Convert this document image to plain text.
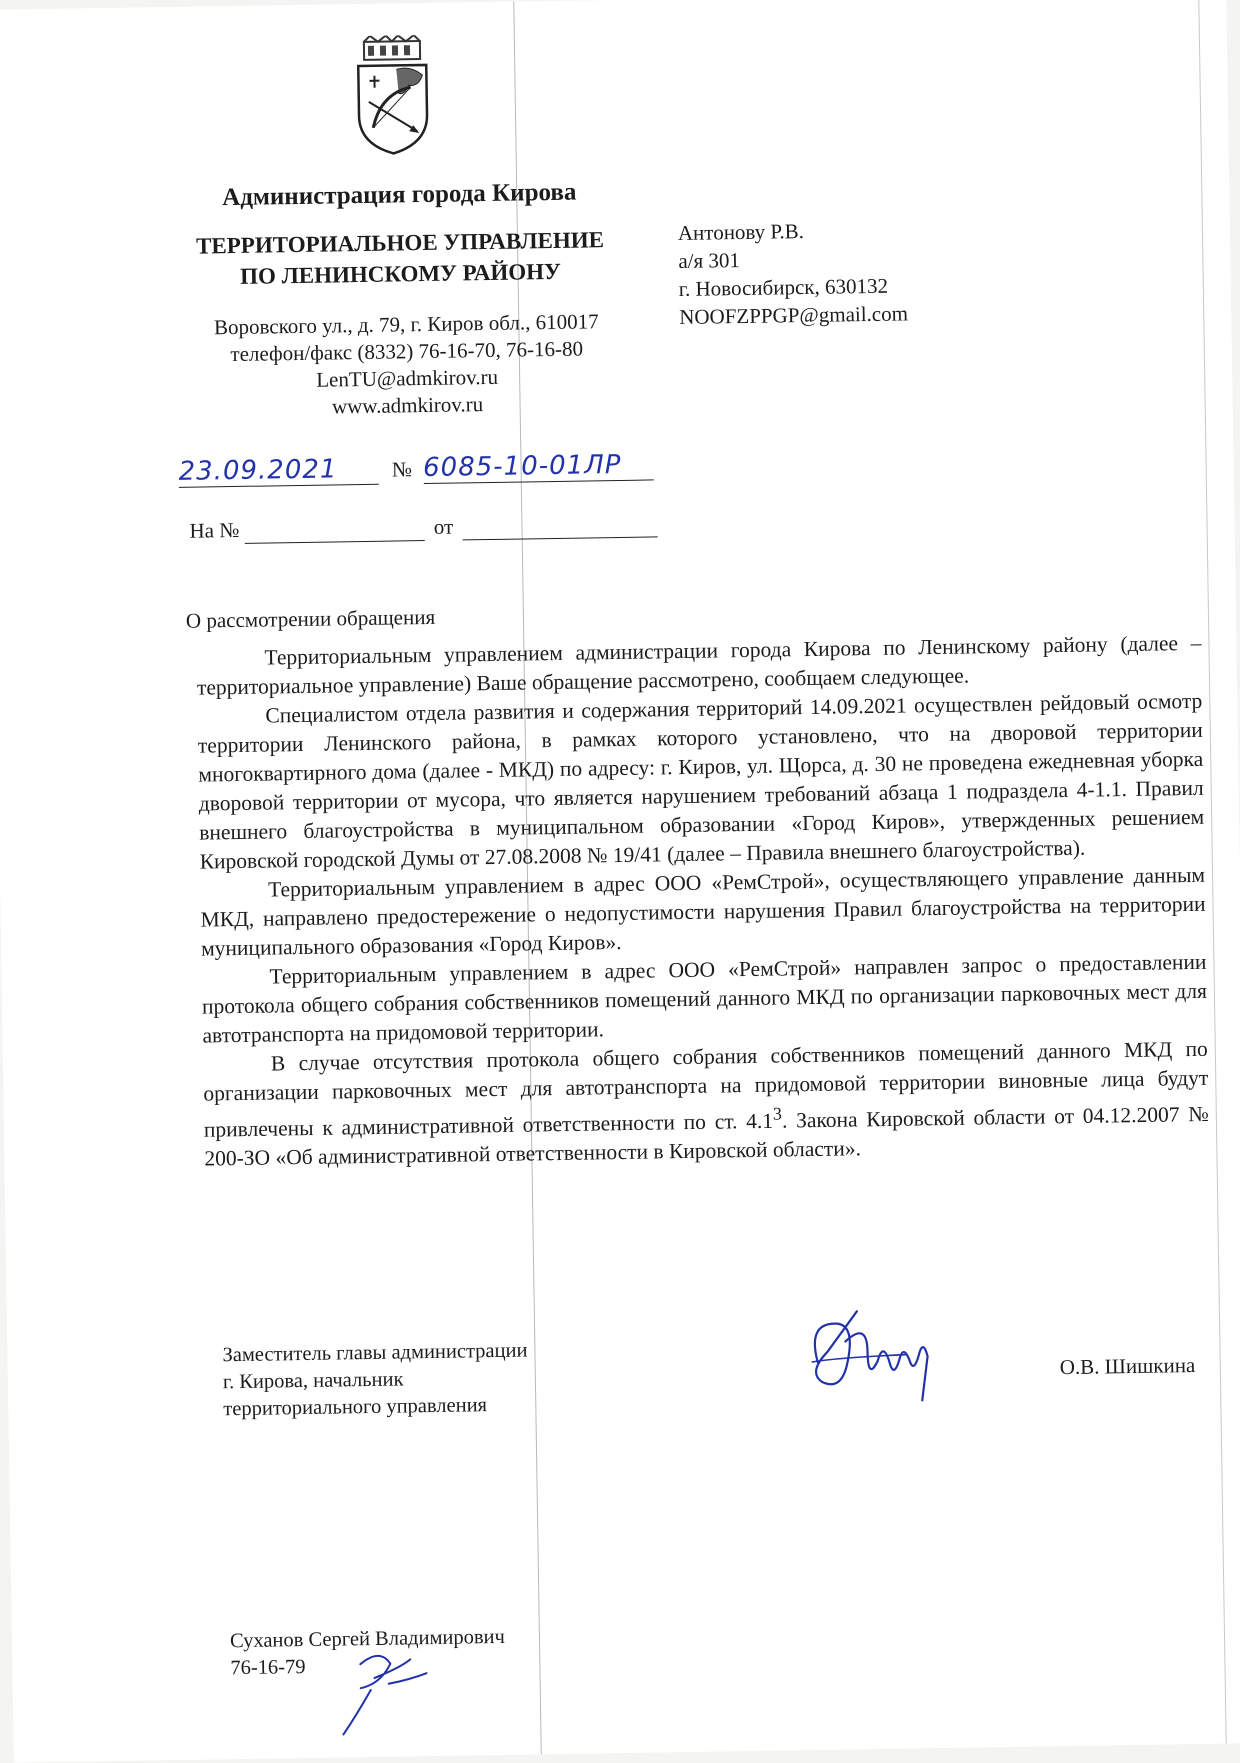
Администрация города Кирова
ТЕРРИТОРИАЛЬНОЕ УПРАВЛЕНИЕ
ПО ЛЕНИНСКОМУ РАЙОНУ
Воровского ул., д. 79, г. Киров обл., 610017
телефон/факс (8332) 76-16-70, 76-16-80
LenTU@admkirov.ru
www.admkirov.ru
Антонову Р.В.
а/я 301
г. Новосибирск, 630132
NOOFZPPGP@gmail.com
23.09.2021	№ 6085-10-01ЛР
На №	от
О рассмотрении обращения

Территориальным управлением администрации города Кирова по Ленинскому району (далее – территориальное управление) Ваше обращение рассмотрено, сообщаем следующее.

Специалистом отдела развития и содержания территорий 14.09.2021 осуществлен рейдовый осмотр территории Ленинского района, в рамках которого установлено, что на дворовой территории многоквартирного дома (далее - МКД) по адресу: г. Киров, ул. Щорса, д. 30 не проведена ежедневная уборка дворовой территории от мусора, что является нарушением требований абзаца 1 подраздела 4-1.1. Правил внешнего благоустройства в муниципальном образовании «Город Киров», утвержденных решением Кировской городской Думы от 27.08.2008 № 19/41 (далее – Правила внешнего благоустройства).

Территориальным управлением в адрес ООО «РемСтрой», осуществляющего управление данным МКД, направлено предостережение о недопустимости нарушения Правил благоустройства на территории муниципального образования «Город Киров».

Территориальным управлением в адрес ООО «РемСтрой» направлен запрос о предоставлении протокола общего собрания собственников помещений данного МКД по организации парковочных мест для автотранспорта на придомовой территории.

В случае отсутствия протокола общего собрания собственников помещений данного МКД по организации парковочных мест для автотранспорта на придомовой территории виновные лица будут привлечены к административной ответственности по ст. $4.1^3$. Закона Кировской области от 04.12.2007 № 200-ЗО «Об административной ответственности в Кировской области».

Заместитель главы администрации
г. Кирова, начальник
территориального управления
О.В. Шишкина
Суханов Сергей Владимирович
76-16-79
